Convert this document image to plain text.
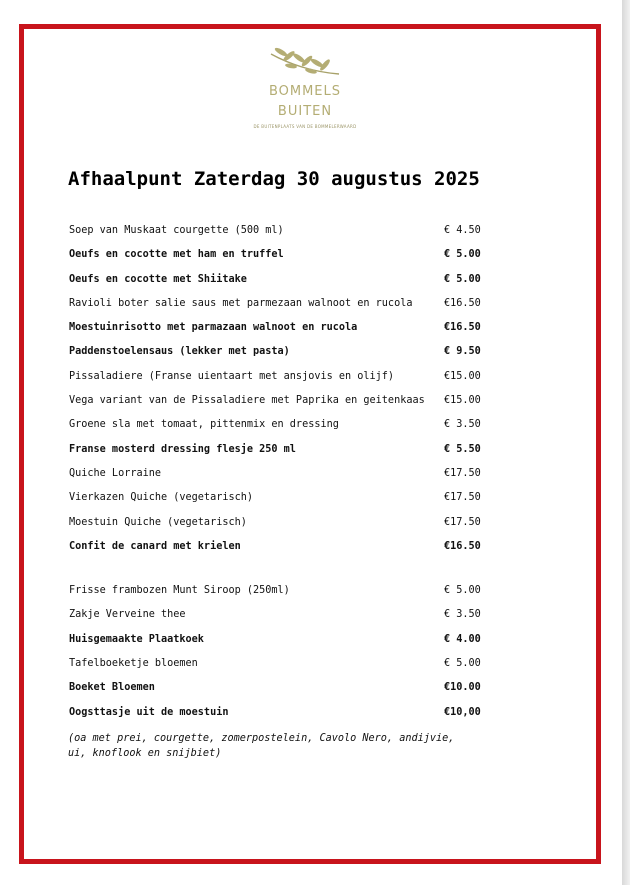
BOMMELS
BUITEN
DE BUITENPLAATS VAN DE BOMMELERWAARD
Afhaalpunt Zaterdag 30 augustus 2025
Soep van Muskaat courgette (500 ml)	€ 4.50
Oeufs en cocotte met ham en truffel	€ 5.00
Oeufs en cocotte met Shiitake	€ 5.00
Ravioli boter salie saus met parmezaan walnoot en rucola	€16.50
Moestuinrisotto met parmazaan walnoot en rucola	€16.50
Paddenstoelensaus (lekker met pasta)	€ 9.50
Pissaladiere (Franse uientaart met ansjovis en olijf)	€15.00
Vega variant van de Pissaladiere met Paprika en geitenkaas €15.00
Groene sla met tomaat, pittenmix en dressing	€ 3.50
Franse mosterd dressing flesje 250 ml	€ 5.50
Quiche Lorraine	€17.50
Vierkazen Quiche (vegetarisch)	€17.50
Moestuin Quiche (vegetarisch)	€17.50
Confit de canard met krielen	€16.50
Frisse frambozen Munt Siroop (250ml)	€ 5.00
Zakje Verveine thee	€ 3.50
Huisgemaakte Plaatkoek	€ 4.00
Tafelboeketje bloemen	€ 5.00
Boeket Bloemen	€10.00
Oogsttasje uit de moestuin	€10,00
(oa met prei, courgette, zomerpostelein, Cavolo Nero, andijvie,
ui, knoflook en snijbiet)
